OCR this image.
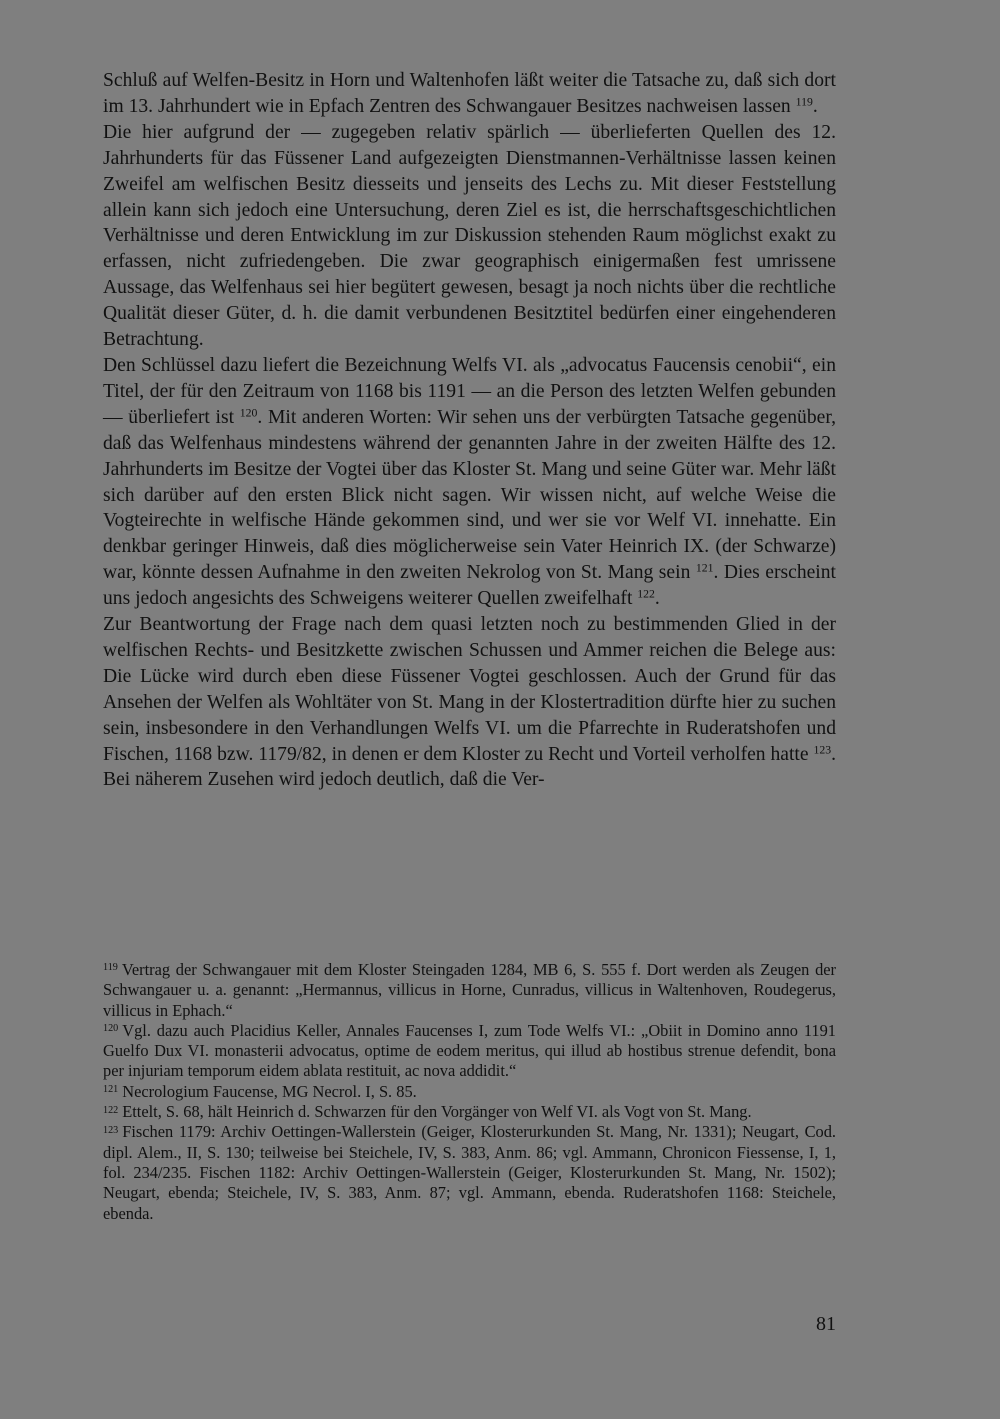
Schluß auf Welfen-Besitz in Horn und Waltenhofen läßt weiter die Tatsache zu, daß sich dort im 13. Jahrhundert wie in Epfach Zentren des Schwangauer Besitzes nachweisen lassen $^{119}$.

Die hier aufgrund der — zugegeben relativ spärlich — überlieferten Quellen des 12. Jahrhunderts für das Füssener Land aufgezeigten Dienstmannen-Verhältnisse lassen keinen Zweifel am welfischen Besitz diesseits und jenseits des Lechs zu. Mit dieser Feststellung allein kann sich jedoch eine Untersuchung, deren Ziel es ist, die herrschaftsgeschichtlichen Verhältnisse und deren Entwicklung im zur Diskussion stehenden Raum möglichst exakt zu erfassen, nicht zufriedengeben. Die zwar geographisch einigermaßen fest umrissene Aussage, das Welfenhaus sei hier begütert gewesen, besagt ja noch nichts über die rechtliche Qualität dieser Güter, d. h. die damit verbundenen Besitztitel bedürfen einer eingehenderen Betrachtung.

Den Schlüssel dazu liefert die Bezeichnung Welfs VI. als „advocatus Faucensis cenobii“, ein Titel, der für den Zeitraum von 1168 bis 1191 — an die Person des letzten Welfen gebunden — überliefert ist $^{120}$. Mit anderen Worten: Wir sehen uns der verbürgten Tatsache gegenüber, daß das Welfenhaus mindestens während der genannten Jahre in der zweiten Hälfte des 12. Jahrhunderts im Besitze der Vogtei über das Kloster St. Mang und seine Güter war. Mehr läßt sich darüber auf den ersten Blick nicht sagen. Wir wissen nicht, auf welche Weise die Vogteirechte in welfische Hände gekommen sind, und wer sie vor Welf VI. innehatte. Ein denkbar geringer Hinweis, daß dies möglicherweise sein Vater Heinrich IX. (der Schwarze) war, könnte dessen Aufnahme in den zweiten Nekrolog von St. Mang sein $^{121}$. Dies erscheint uns jedoch angesichts des Schweigens weiterer Quellen zweifelhaft $^{122}$.

Zur Beantwortung der Frage nach dem quasi letzten noch zu bestimmenden Glied in der welfischen Rechts- und Besitzkette zwischen Schussen und Ammer reichen die Belege aus: Die Lücke wird durch eben diese Füssener Vogtei geschlossen. Auch der Grund für das Ansehen der Welfen als Wohltäter von St. Mang in der Klostertradition dürfte hier zu suchen sein, insbesondere in den Verhandlungen Welfs VI. um die Pfarrechte in Ruderatshofen und Fischen, 1168 bzw. 1179/82, in denen er dem Kloster zu Recht und Vorteil verholfen hatte $^{123}$. Bei näherem Zusehen wird jedoch deutlich, daß die Ver-

$^{119}$ Vertrag der Schwangauer mit dem Kloster Steingaden 1284, MB 6, S. 555 f. Dort werden als Zeugen der Schwangauer u. a. genannt: „Hermannus, villicus in Horne, Cunradus, villicus in Waltenhoven, Roudegerus, villicus in Ephach.“

$^{120}$ Vgl. dazu auch Placidius Keller, Annales Faucenses I, zum Tode Welfs VI.: „Obiit in Domino anno 1191 Guelfo Dux VI. monasterii advocatus, optime de eodem meritus, qui illud ab hostibus strenue defendit, bona per injuriam temporum eidem ablata restituit, ac nova addidit.“

$^{121}$ Necrologium Faucense, MG Necrol. I, S. 85.

$^{122}$ Ettelt, S. 68, hält Heinrich d. Schwarzen für den Vorgänger von Welf VI. als Vogt von St. Mang.

$^{123}$ Fischen 1179: Archiv Oettingen-Wallerstein (Geiger, Klosterurkunden St. Mang, Nr. 1331); Neugart, Cod. dipl. Alem., II, S. 130; teilweise bei Steichele, IV, S. 383, Anm. 86; vgl. Ammann, Chronicon Fiessense, I, 1, fol. 234/235. Fischen 1182: Archiv Oettingen-Wallerstein (Geiger, Klosterurkunden St. Mang, Nr. 1502); Neugart, ebenda; Steichele, IV, S. 383, Anm. 87; vgl. Ammann, ebenda. Ruderatshofen 1168: Steichele, ebenda.

81
